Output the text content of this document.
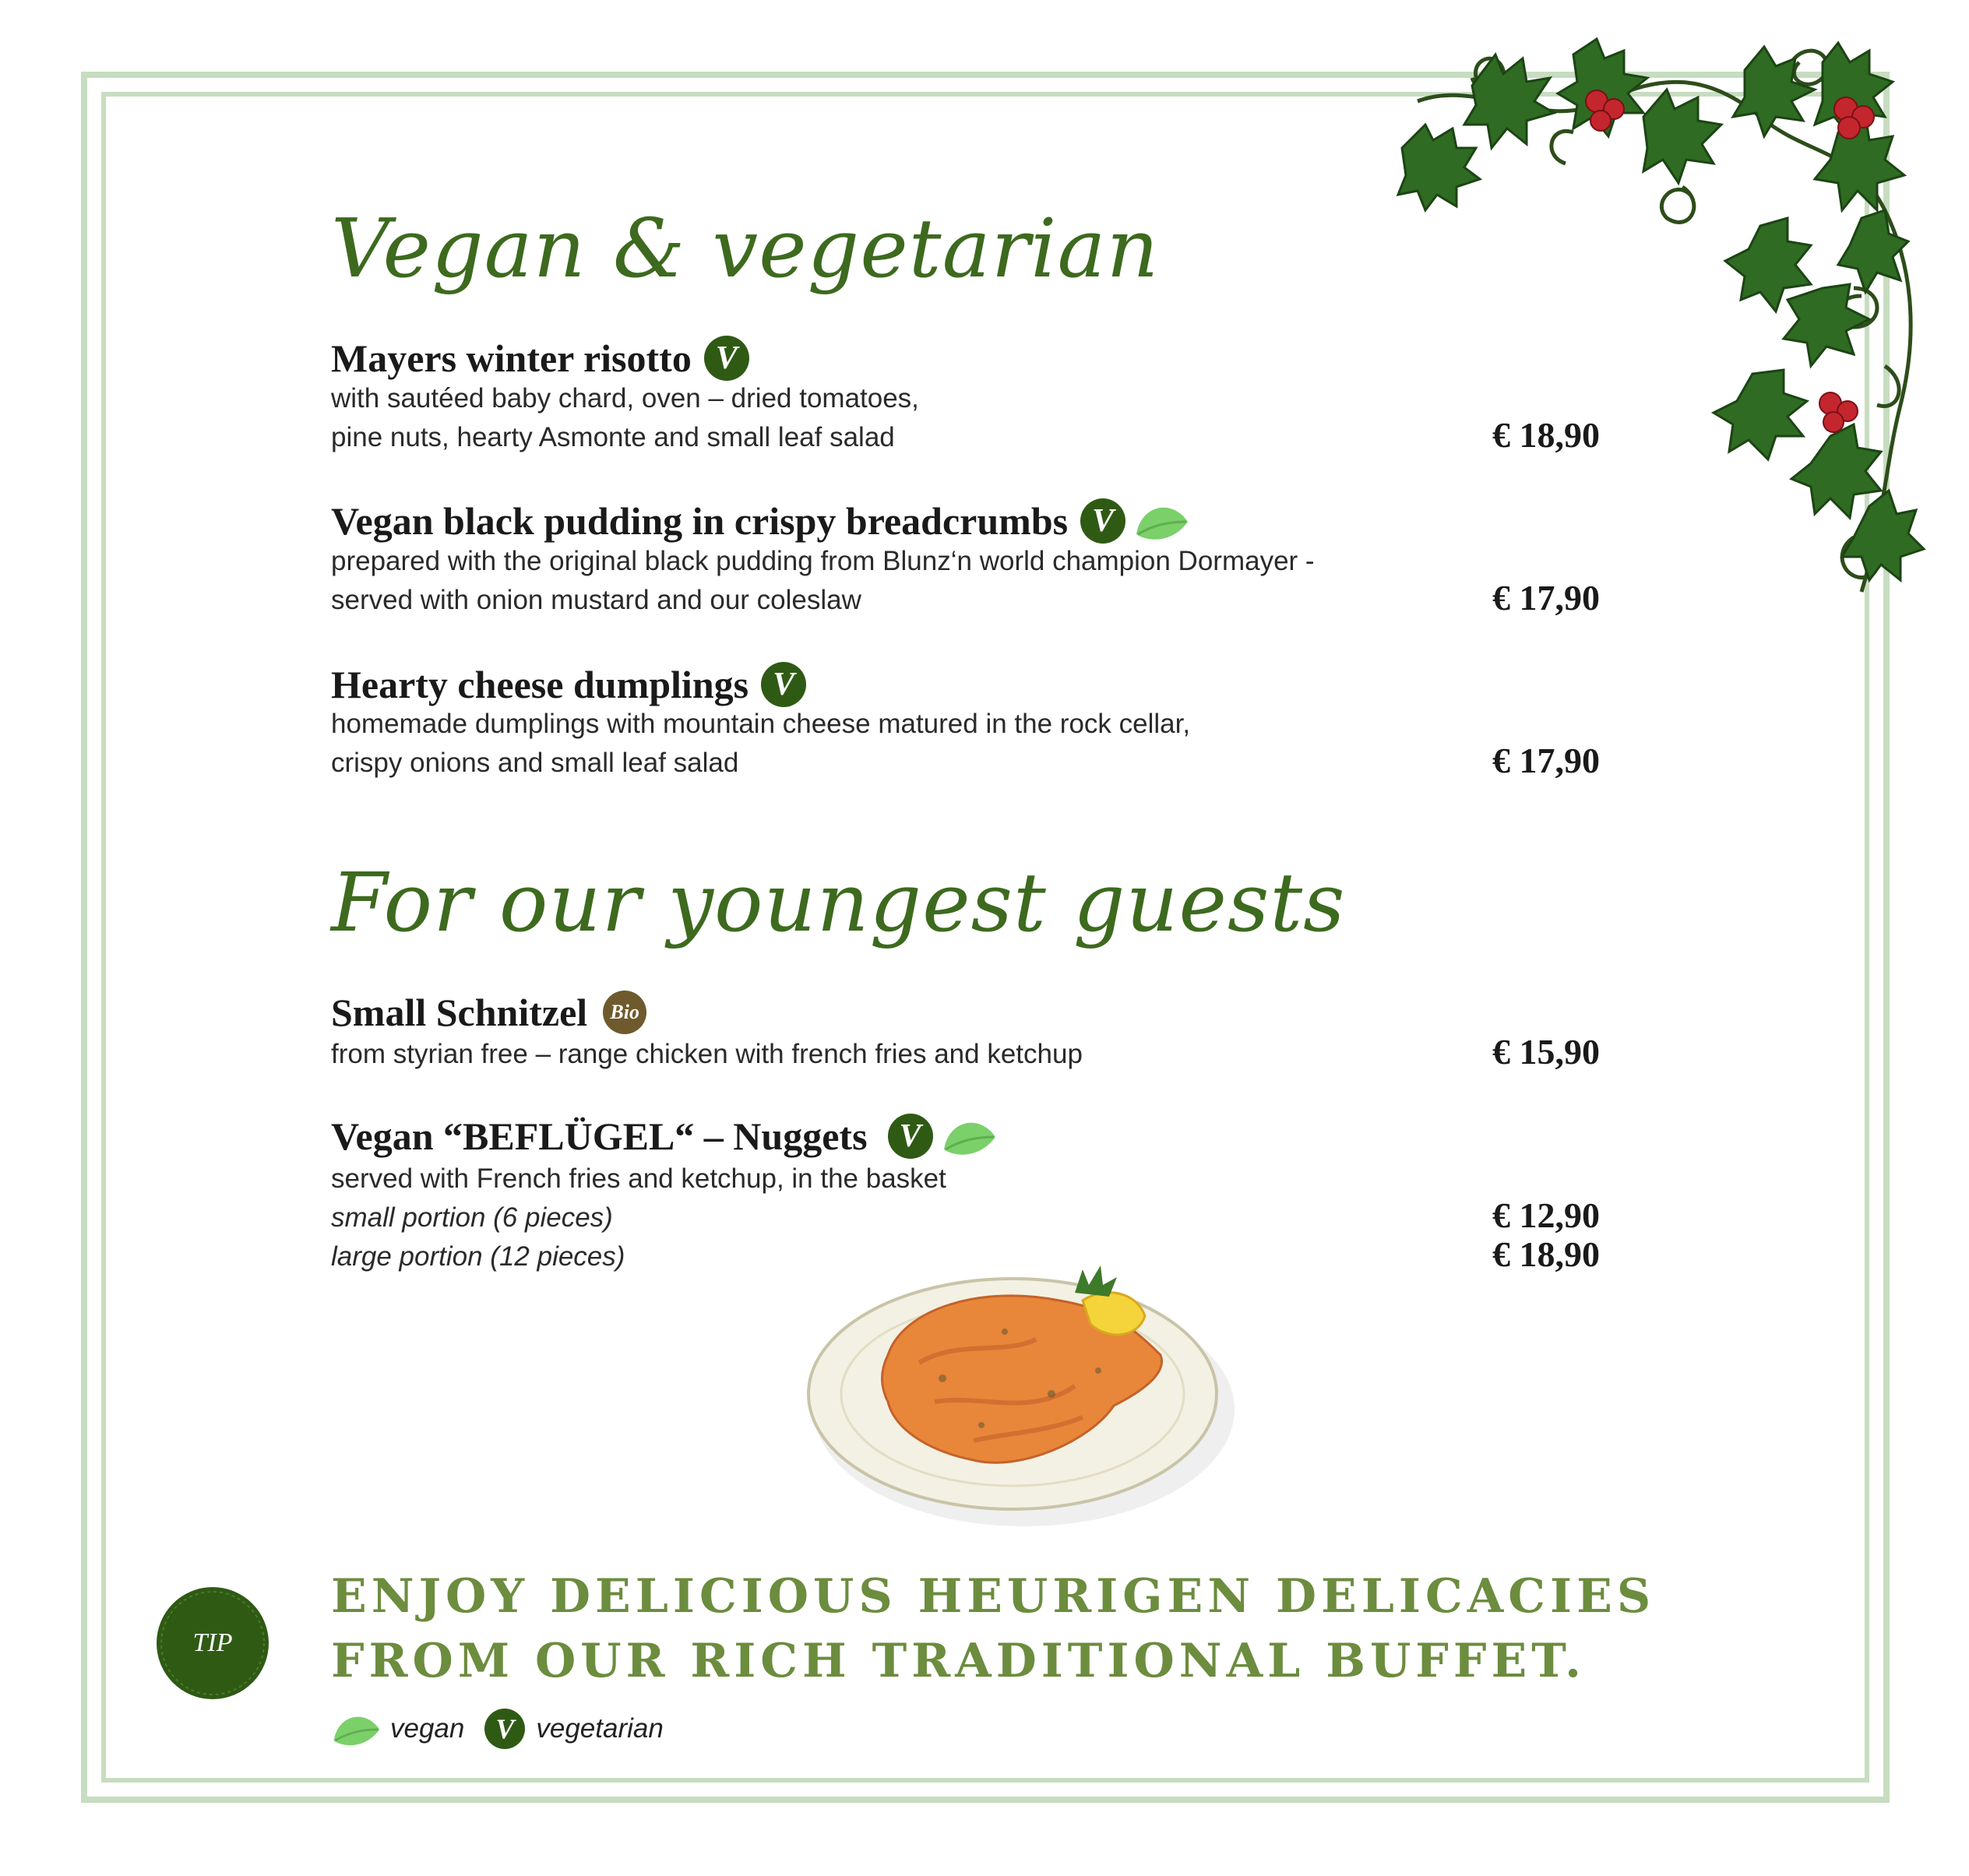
Vegan & vegetarian
Mayers winter risotto V
with sautéed baby chard, oven – dried tomatoes,
pine nuts, hearty Asmonte and small leaf salad	€ 18,90
Vegan black pudding in crispy breadcrumbs V
prepared with the original black pudding from Blunz‘n world champion Dormayer -
served with onion mustard and our coleslaw	€ 17,90
Hearty cheese dumplings V
homemade dumplings with mountain cheese matured in the rock cellar,
crispy onions and small leaf salad	€ 17,90
For our youngest guests
Small Schnitzel	Bio
from styrian free – range chicken with french fries and ketchup	€ 15,90
Vegan “BEFLÜGEL“ – Nuggets V
served with French fries and ketchup, in the basket
small portion (6 pieces)	€ 12,90
large portion (12 pieces)	€ 18,90
TIP
ENJOY DELICIOUS HEURIGEN DELICACIES
FROM OUR RICH TRADITIONAL BUFFET.
vegan	V vegetarian
